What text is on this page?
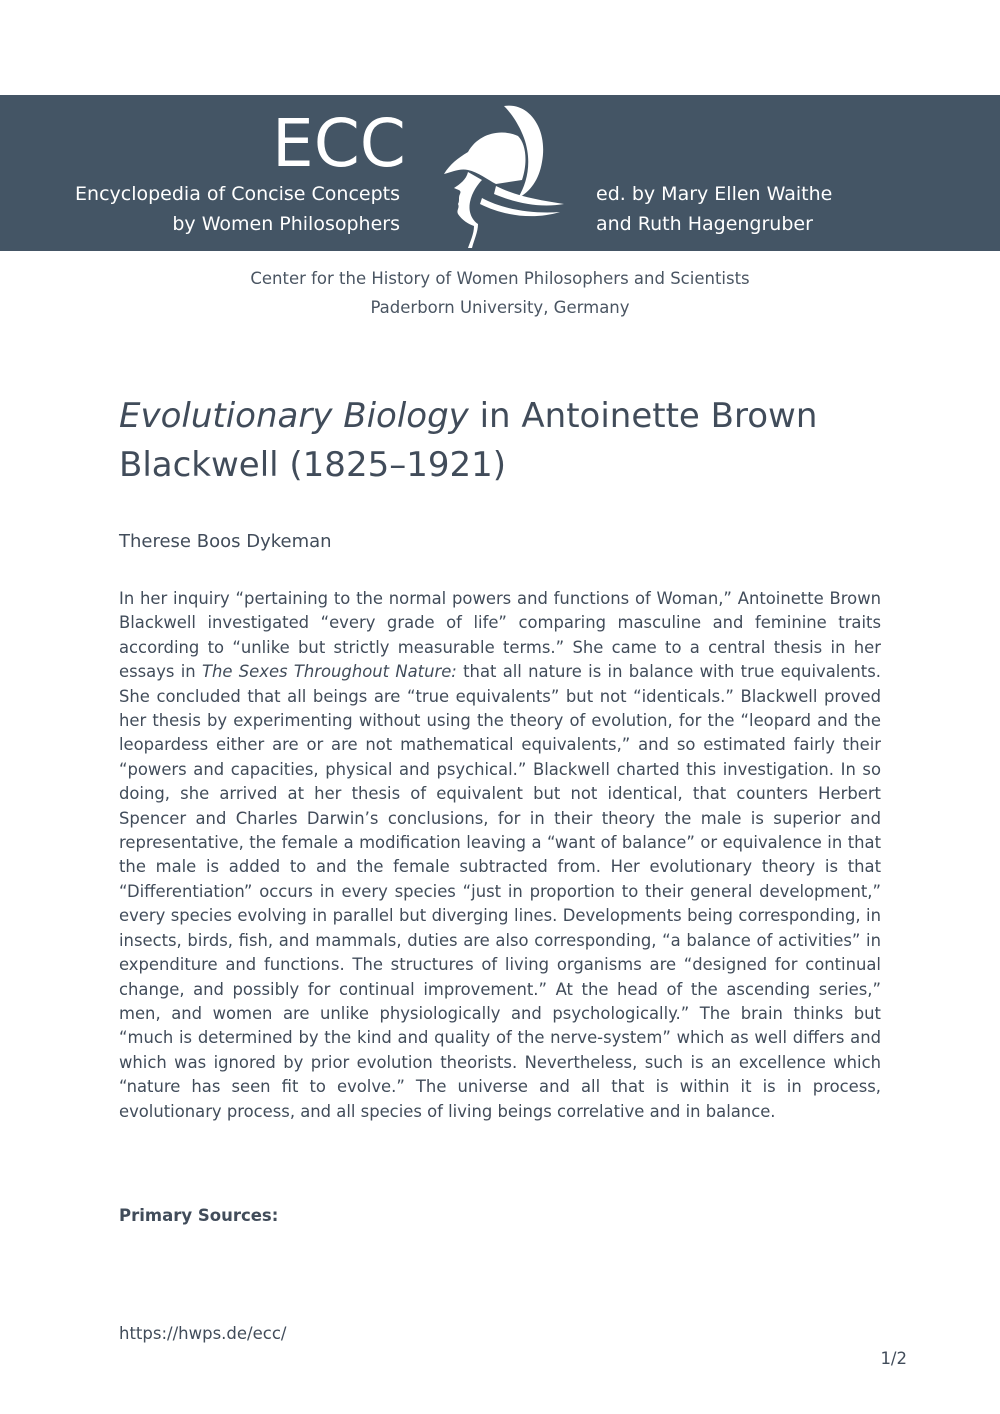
ECC
Encyclopedia of Concise Concepts
by Women Philosophers
ed. by Mary Ellen Waithe
and Ruth Hagengruber
Center for the History of Women Philosophers and Scientists
Paderborn University, Germany
Evolutionary Biology in Antoinette Brown Blackwell (1825–1921)
Therese Boos Dykeman

In her inquiry “pertaining to the normal powers and functions of Woman,” Antoinette Brown Blackwell investigated “every grade of life” comparing masculine and feminine traits according to “unlike but strictly measurable terms.” She came to a central thesis in her essays in The Sexes Throughout Nature: that all nature is in balance with true equivalents. She concluded that all beings are “true equivalents” but not “identicals.” Blackwell proved her thesis by experimenting without using the theory of evolution, for the “leopard and the leopardess either are or are not mathematical equivalents,” and so estimated fairly their “powers and capacities, physical and psychical.” Blackwell charted this investigation. In so doing, she arrived at her thesis of equivalent but not identical, that counters Herbert Spencer and Charles Darwin’s conclusions, for in their theory the male is superior and representative, the female a modification leaving a “want of balance” or equivalence in that the male is added to and the female subtracted from. Her evolutionary theory is that “Differentiation” occurs in every species “just in proportion to their general development,” every species evolving in parallel but diverging lines. Developments being corresponding, in insects, birds, fish, and mammals, duties are also corresponding, “a balance of activities” in expenditure and functions. The structures of living organisms are “designed for continual change, and possibly for continual improvement.” At the head of the ascending series,” men, and women are unlike physiologically and psychologically.” The brain thinks but “much is determined by the kind and quality of the nerve-system” which as well differs and which was ignored by prior evolution theorists. Nevertheless, such is an excellence which “nature has seen fit to evolve.” The universe and all that is within it is in process, evolutionary process, and all species of living beings correlative and in balance.

Primary Sources:
https://hwps.de/ecc/
1/2
